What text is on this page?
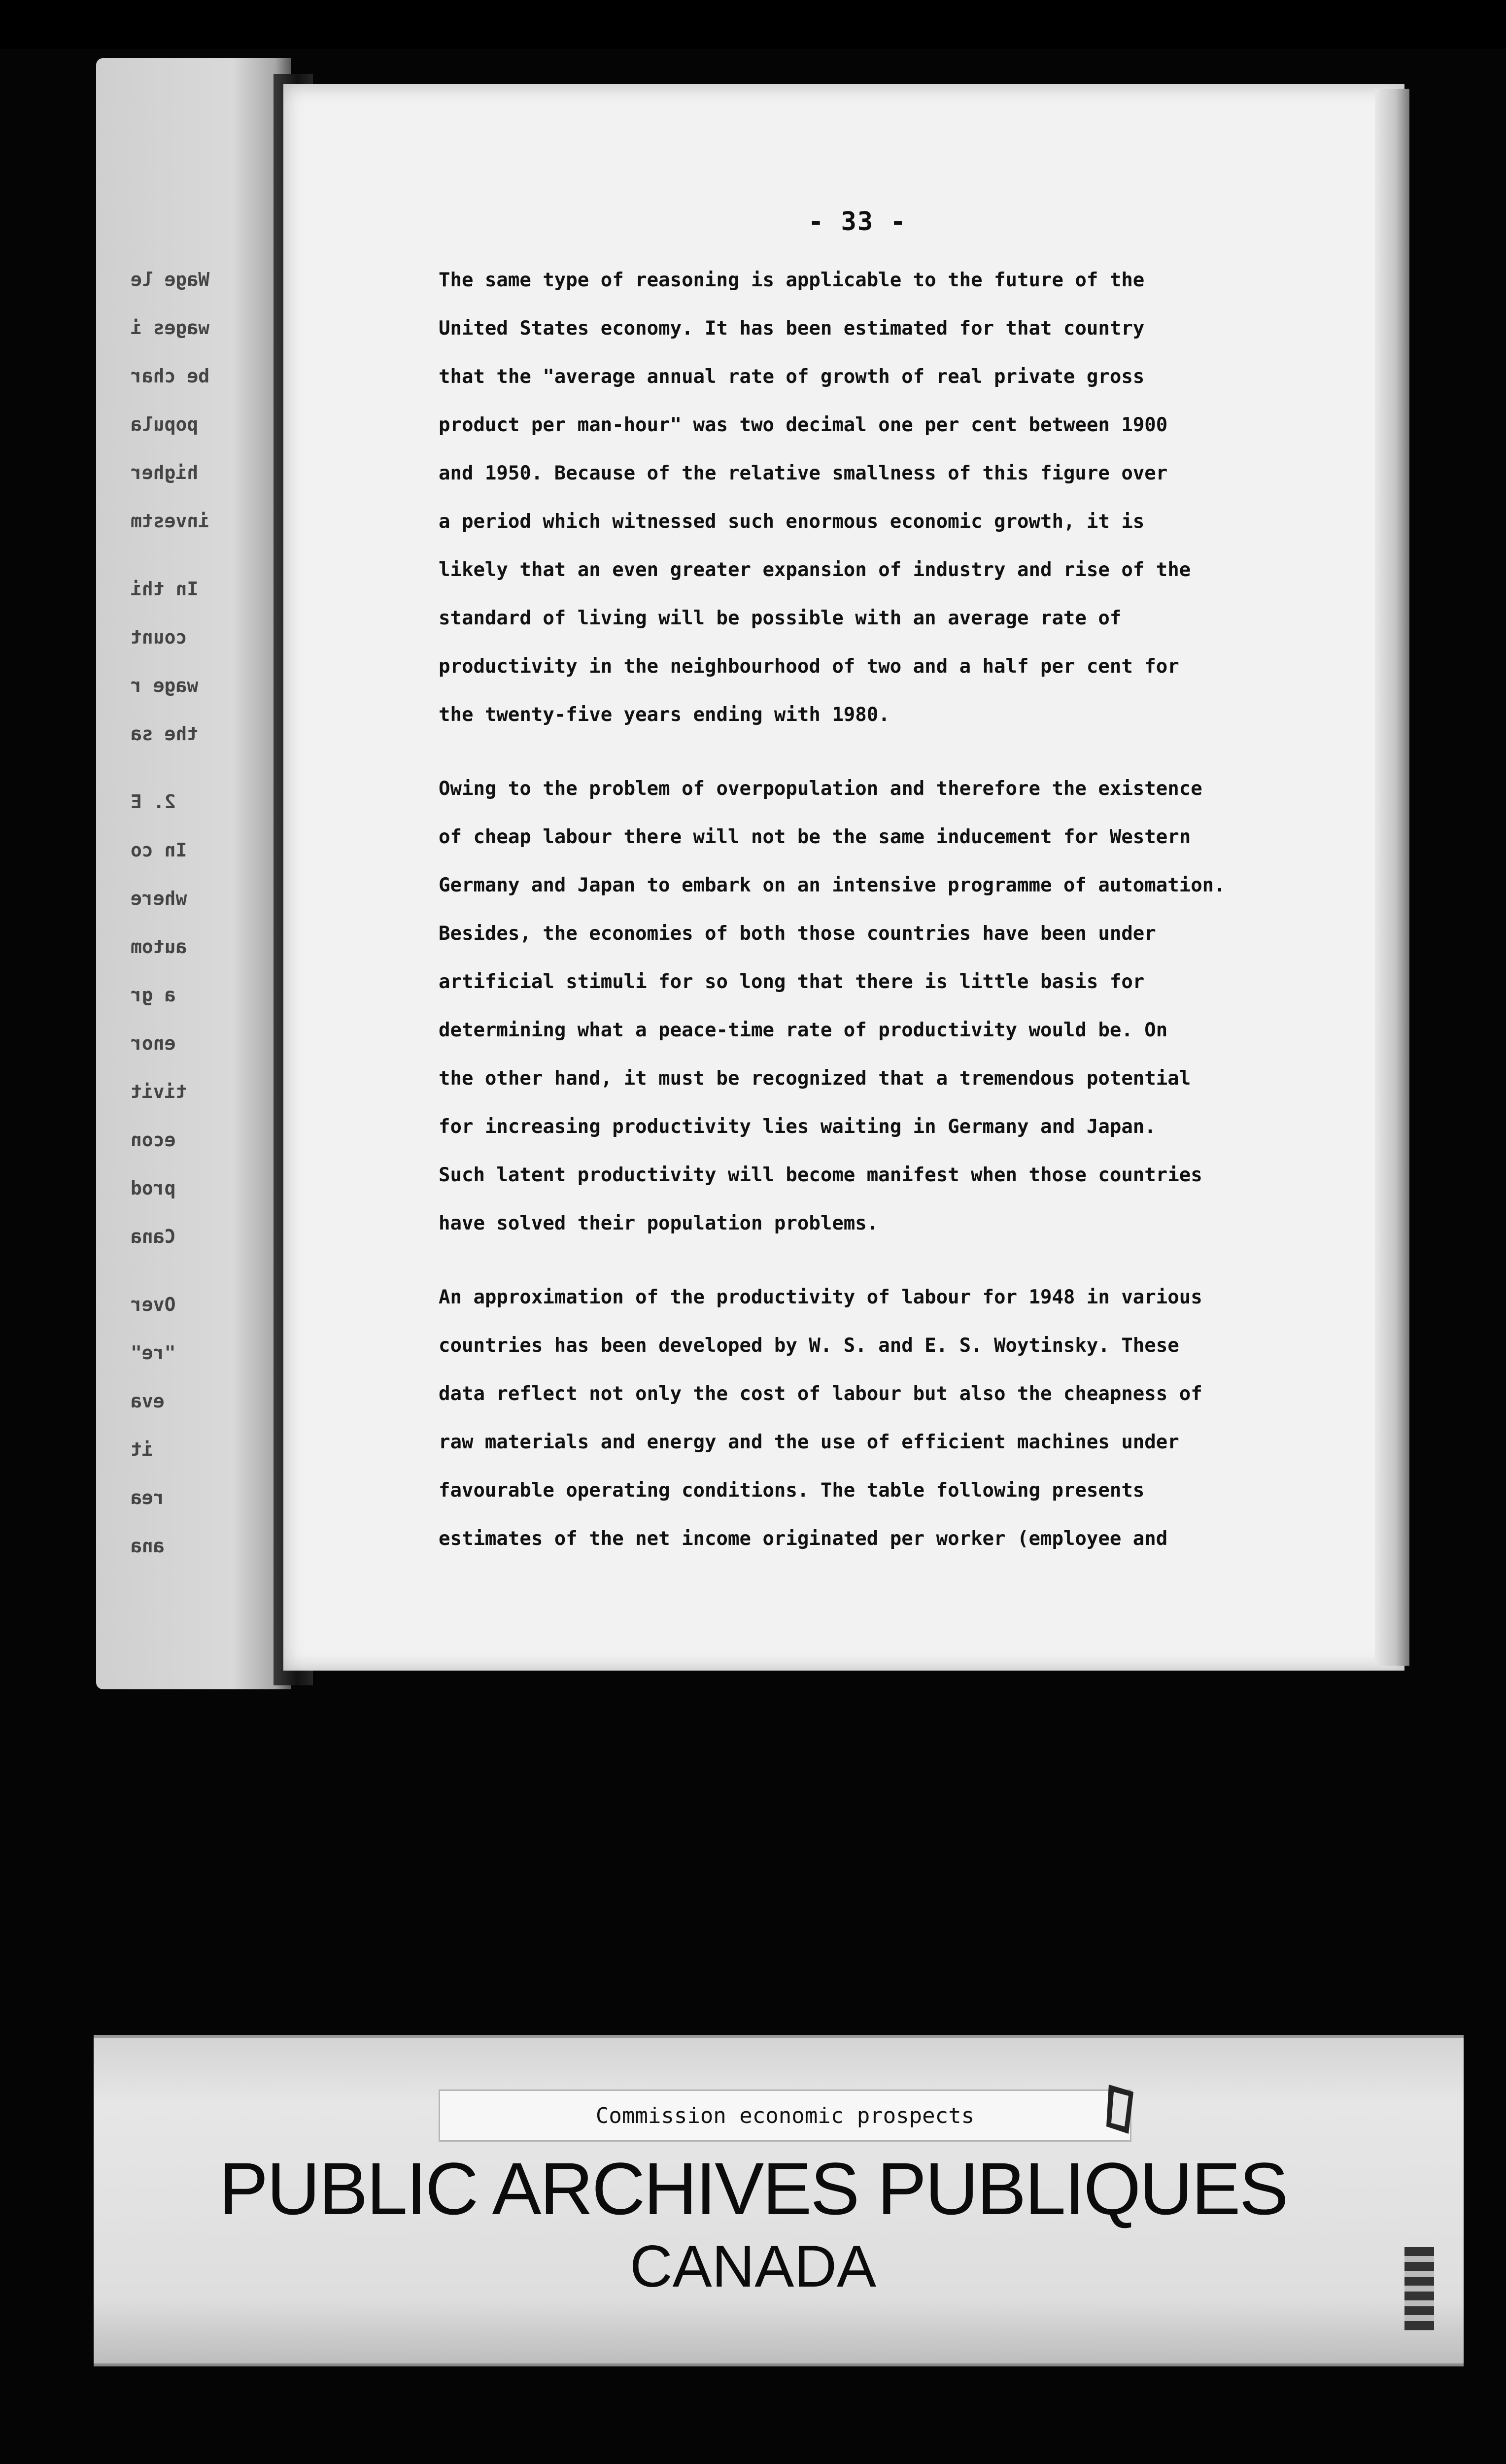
Wage le
wages i
be char
popula
higher
investm
In thi
count
wage r
the sa
2. E
In co
where
autom
a gr
enor
tivit
econ
prod
Cana
Over
"re"
eva
it
rea
ana
- 33 -

The same type of reasoning is applicable to the future of the
United States economy. It has been estimated for that country
that the "average annual rate of growth of real private gross
product per man-hour" was two decimal one per cent between 1900
and 1950. Because of the relative smallness of this figure over
a period which witnessed such enormous economic growth, it is
likely that an even greater expansion of industry and rise of the
standard of living will be possible with an average rate of
productivity in the neighbourhood of two and a half per cent for
the twenty-five years ending with 1980.

Owing to the problem of overpopulation and therefore the existence
of cheap labour there will not be the same inducement for Western
Germany and Japan to embark on an intensive programme of automation.
Besides, the economies of both those countries have been under
artificial stimuli for so long that there is little basis for
determining what a peace-time rate of productivity would be. On
the other hand, it must be recognized that a tremendous potential
for increasing productivity lies waiting in Germany and Japan.
Such latent productivity will become manifest when those countries
have solved their population problems.

An approximation of the productivity of labour for 1948 in various
countries has been developed by W. S. and E. S. Woytinsky. These
data reflect not only the cost of labour but also the cheapness of
raw materials and energy and the use of efficient machines under
favourable operating conditions. The table following presents
estimates of the net income originated per worker (employee and

Commission economic prospects
PUBLIC ARCHIVES PUBLIQUES
CANADA
